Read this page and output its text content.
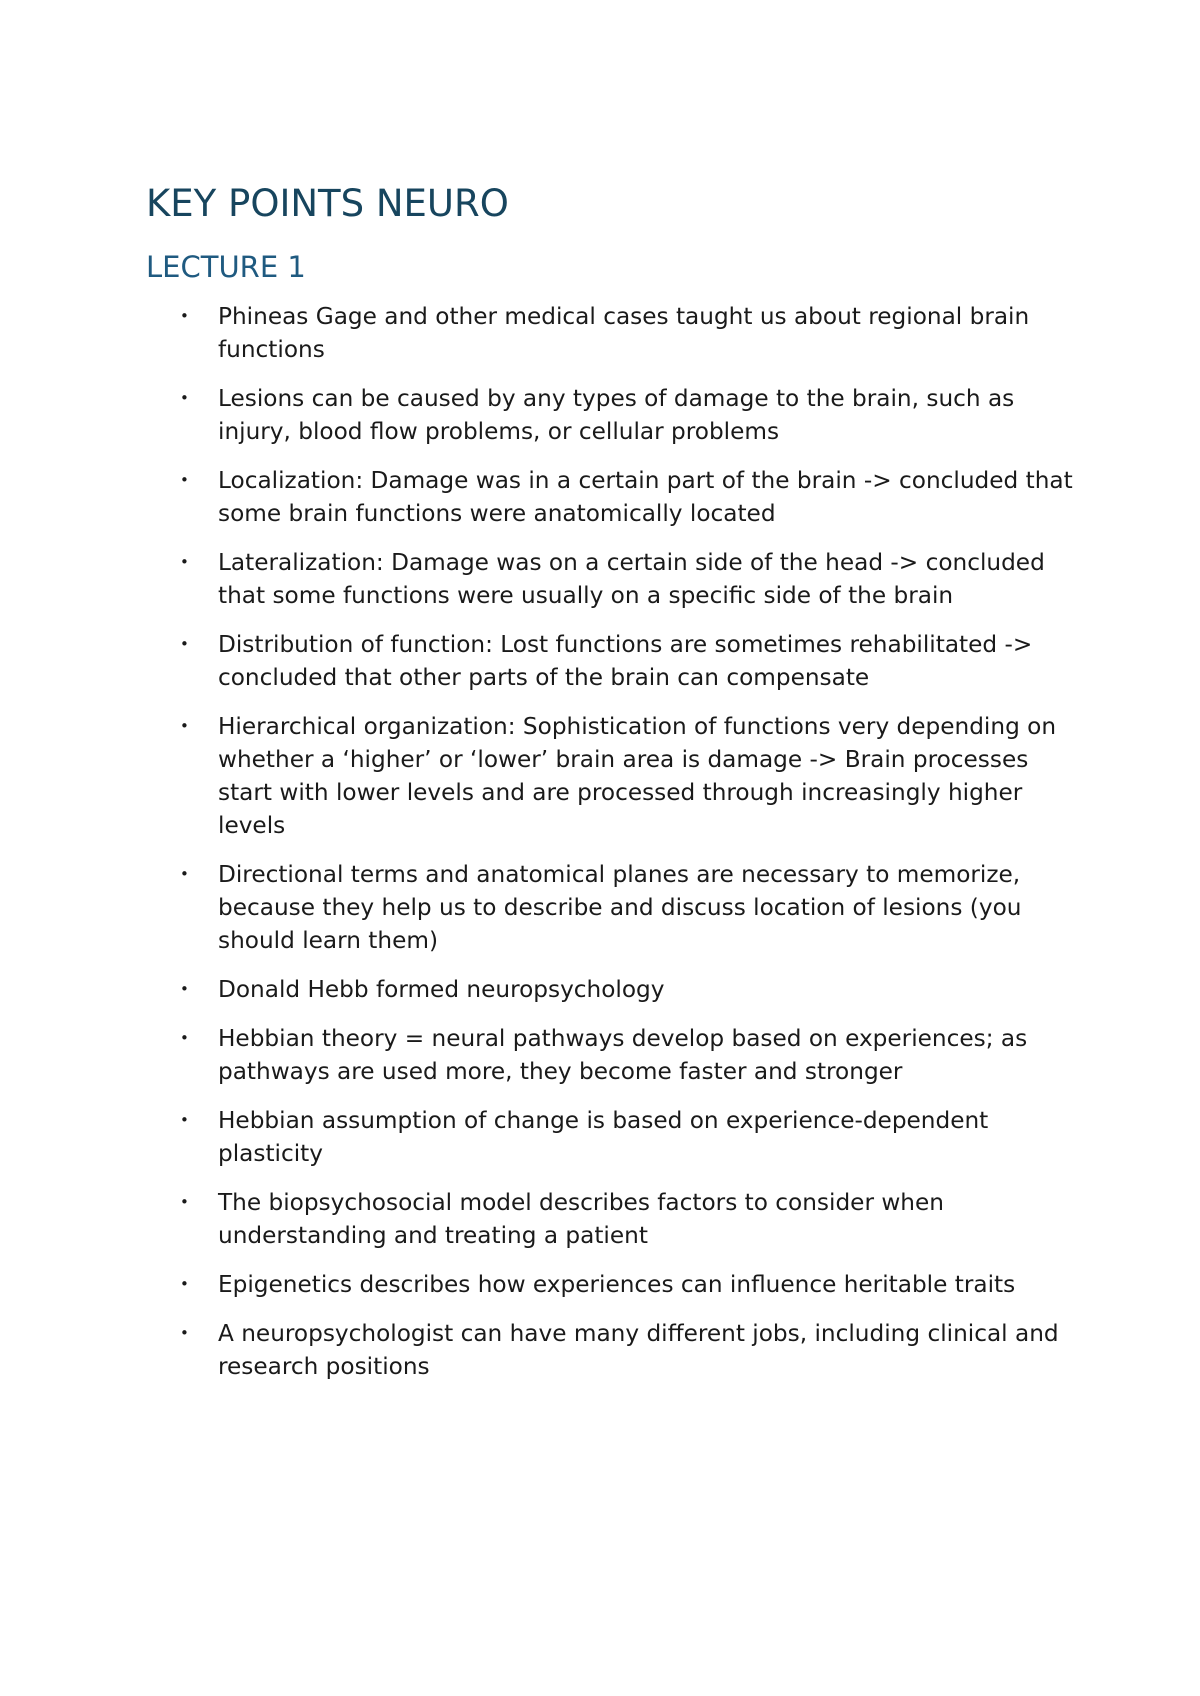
KEY POINTS NEURO
LECTURE 1
•	Phineas Gage and other medical cases taught us about regional brain functions
•	Lesions can be caused by any types of damage to the brain, such as injury, blood flow problems, or cellular problems
•	Localization: Damage was in a certain part of the brain -> concluded that some brain functions were anatomically located
•	Lateralization: Damage was on a certain side of the head -> concluded that some functions were usually on a specific side of the brain
•	Distribution of function: Lost functions are sometimes rehabilitated -> concluded that other parts of the brain can compensate
•	Hierarchical organization: Sophistication of functions very depending on whether a ‘higher’ or ‘lower’ brain area is damage -> Brain processes start with lower levels and are processed through increasingly higher levels
•	Directional terms and anatomical planes are necessary to memorize, because they help us to describe and discuss location of lesions (you should learn them)
•	Donald Hebb formed neuropsychology
•	Hebbian theory = neural pathways develop based on experiences; as pathways are used more, they become faster and stronger
•	Hebbian assumption of change is based on experience-dependent plasticity
•	The biopsychosocial model describes factors to consider when understanding and treating a patient
•	Epigenetics describes how experiences can influence heritable traits
•	A neuropsychologist can have many different jobs, including clinical and research positions
